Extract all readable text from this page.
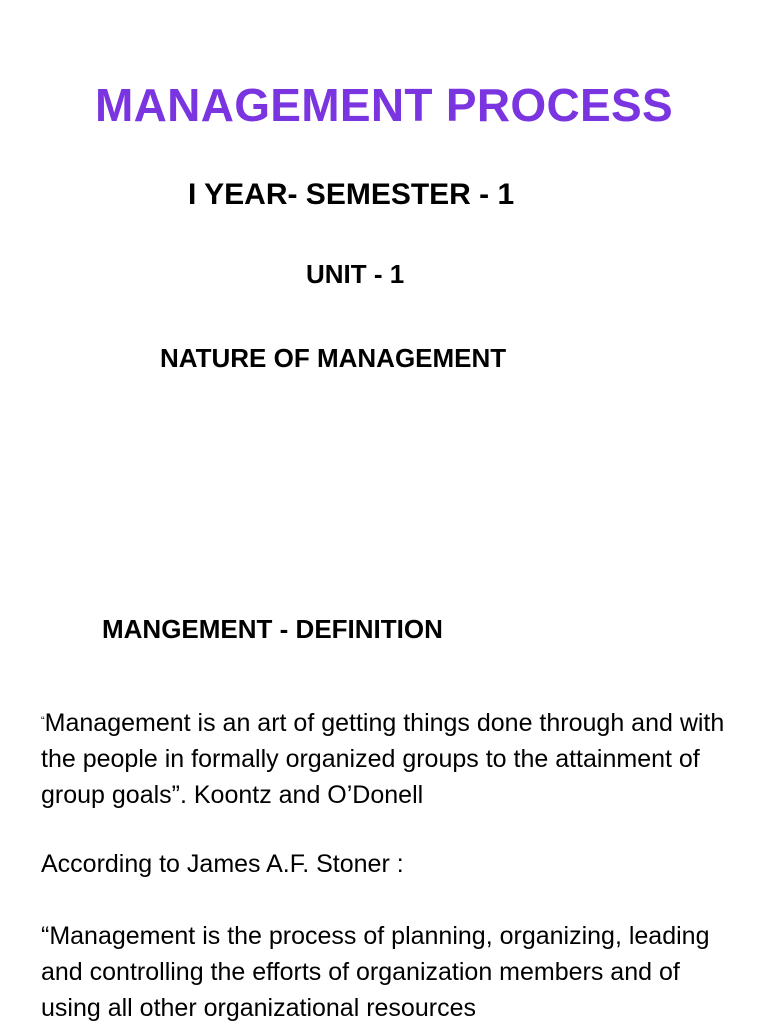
MANAGEMENT PROCESS
I YEAR- SEMESTER - 1
UNIT - 1
NATURE OF MANAGEMENT
MANGEMENT - DEFINITION

“Management is an art of getting things done through and with the people in formally organized groups to the attainment of group goals”. Koontz and O’Donell

According to James A.F. Stoner :

“Management is the process of planning, organizing, leading and controlling the efforts of organization members and of using all other organizational resources
